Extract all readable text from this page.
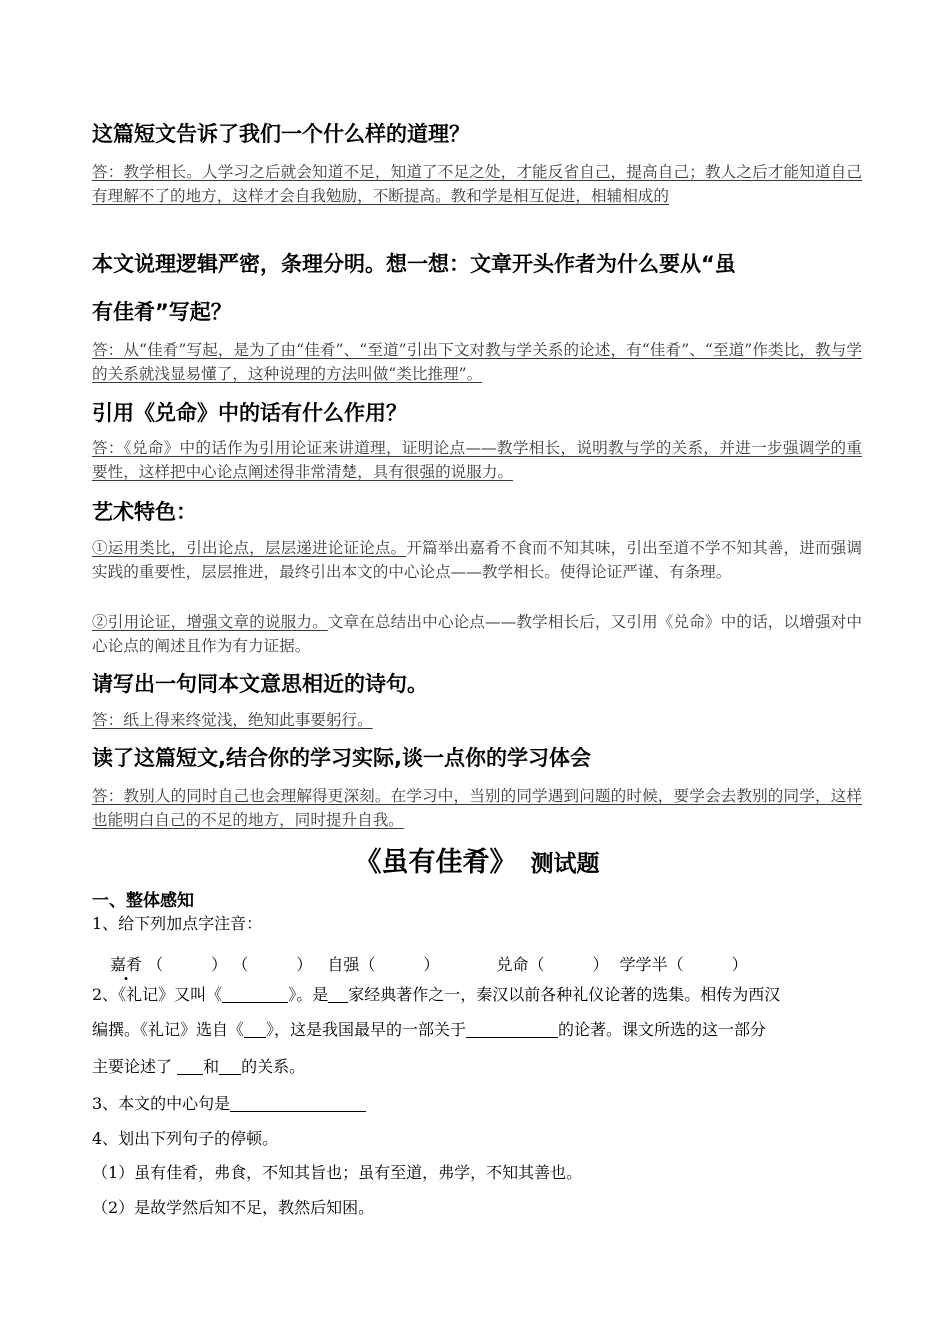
这篇短文告诉了我们一个什么样的道理？
答：教学相长。人学习之后就会知道不足，知道了不足之处，才能反省自己，提高自己；教人之后才能知道自己有理解不了的地方，这样才会自我勉励，不断提高。教和学是相互促进，相辅相成的
本文说理逻辑严密，条理分明。想一想：文章开头作者为什么要从“虽
有佳肴”写起？
答：从“佳肴”写起，是为了由“佳肴”、“至道”引出下文对教与学关系的论述，有“佳肴”、“至道”作类比，教与学的关系就浅显易懂了，这种说理的方法叫做“类比推理”。
引用《兑命》中的话有什么作用？
答：《兑命》中的话作为引用论证来讲道理，证明论点——教学相长，说明教与学的关系，并进一步强调学的重要性，这样把中心论点阐述得非常清楚，具有很强的说服力。
艺术特色：
①运用类比，引出论点，层层递进论证论点。开篇举出嘉肴不食而不知其味，引出至道不学不知其善，进而强调实践的重要性，层层推进，最终引出本文的中心论点——教学相长。使得论证严谨、有条理。
②引用论证，增强文章的说服力。文章在总结出中心论点——教学相长后，又引用《兑命》中的话，以增强对中心论点的阐述且作为有力证据。
请写出一句同本文意思相近的诗句。
答：纸上得来终觉浅，绝知此事要躬行。
读了这篇短文,结合你的学习实际,谈一点你的学习体会
答：教别人的同时自己也会理解得更深刻。在学习中，当别的同学遇到问题的时候，要学会去教别的同学，这样也能明白自己的不足的地方，同时提升自我。
《虽有佳肴》 测试题
一、整体感知
1、给下列加点字注音：
嘉肴 （　　　） （　　　） 自强（　　　）	兑命（　　　） 学学半（　　　）
2、《礼记》又叫《	》。是 家经典著作之一，秦汉以前各种礼仪论著的选集。相传为西汉
编撰。《礼记》选自《 》，这是我国最早的一部关于	的论著。课文所选的这一部分
主要论述了 和 的关系。
3、本文的中心句是
4、划出下列句子的停顿。
（1）虽有佳肴，弗食，不知其旨也；虽有至道，弗学，不知其善也。
（2）是故学然后知不足，教然后知困。
